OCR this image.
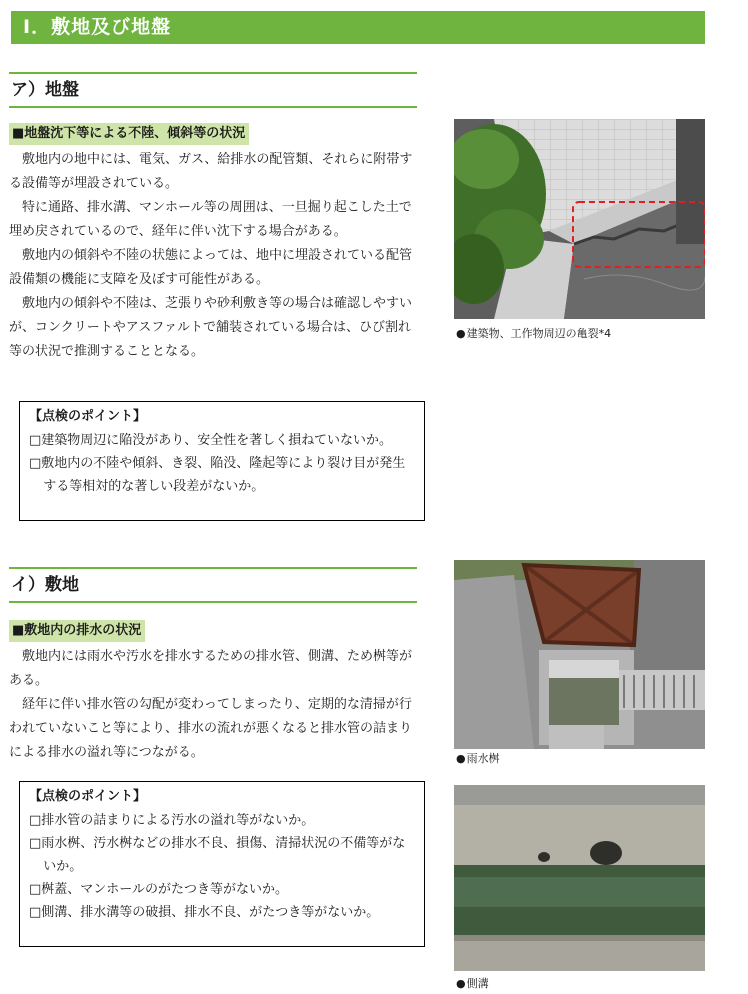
Ⅰ．敷地及び地盤
ア）地盤
■地盤沈下等による不陸、傾斜等の状況

敷地内の地中には、電気、ガス、給排水の配管類、それらに附帯する設備等が埋設されている。

特に通路、排水溝、マンホール等の周囲は、一旦掘り起こした土で埋め戻されているので、経年に伴い沈下する場合がある。

敷地内の傾斜や不陸の状態によっては、地中に埋設されている配管設備類の機能に支障を及ぼす可能性がある。

敷地内の傾斜や不陸は、芝張りや砂利敷き等の場合は確認しやすいが、コンクリートやアスファルトで舗装されている場合は、ひび割れ等の状況で推測することとなる。

【点検のポイント】

□建築物周辺に陥没があり、安全性を著しく損ねていないか。

□敷地内の不陸や傾斜、き裂、陥没、隆起等により裂け目が発生する等相対的な著しい段差がないか。

●建築物、工作物周辺の亀裂*4
イ）敷地
■敷地内の排水の状況

敷地内には雨水や汚水を排水するための排水管、側溝、ため桝等がある。

経年に伴い排水管の勾配が変わってしまったり、定期的な清掃が行われていないこと等により、排水の流れが悪くなると排水管の詰まりによる排水の溢れ等につながる。

【点検のポイント】

□排水管の詰まりによる汚水の溢れ等がないか。

□雨水桝、汚水桝などの排水不良、損傷、清掃状況の不備等がないか。

□桝蓋、マンホールのがたつき等がないか。

□側溝、排水溝等の破損、排水不良、がたつき等がないか。

●雨水桝
●側溝
